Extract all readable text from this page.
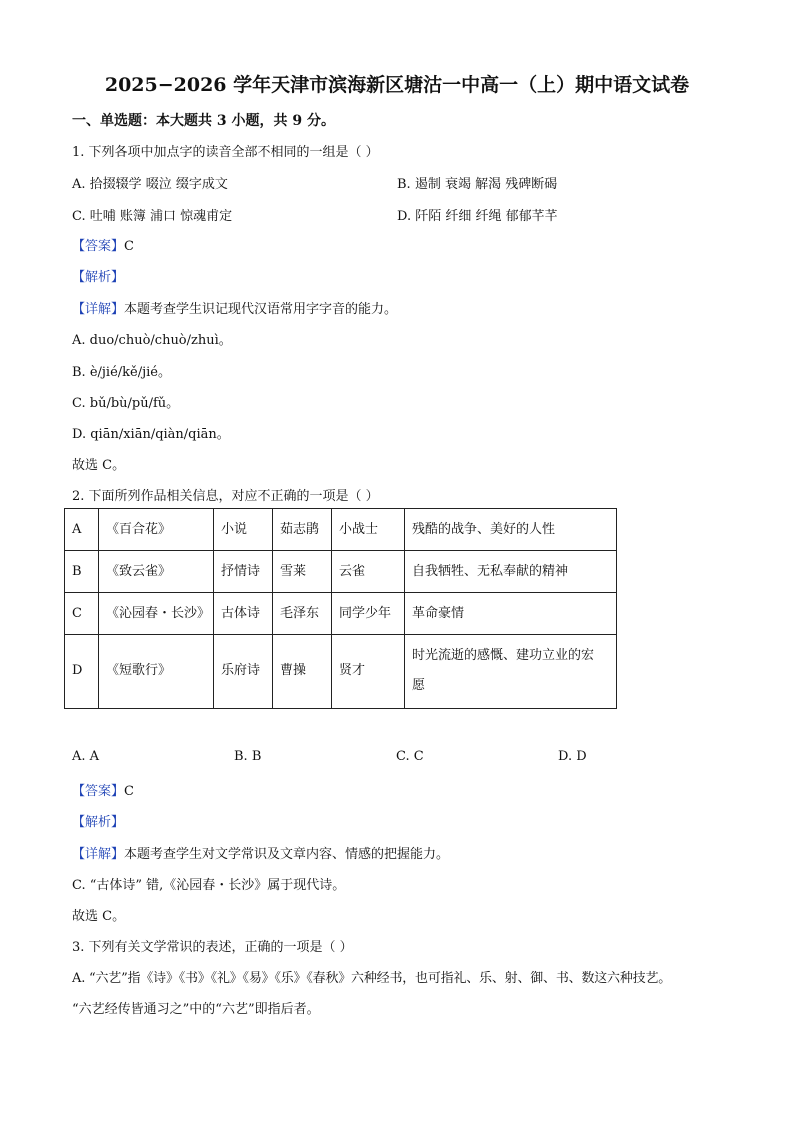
2025−2026 学年天津市滨海新区塘沽一中高一（上）期中语文试卷
一、单选题：本大题共 3 小题，共 9 分。
1. 下列各项中加点字的读音全部不相同的一组是（ ）
A. 拾掇辍学 啜泣 缀字成文	B. 遏制 衰竭 解渴 残碑断碣
C. 吐哺 账簿 浦口 惊魂甫定	D. 阡陌 纤细 纤绳 郁郁芊芊
【答案】C
【解析】
【详解】本题考查学生识记现代汉语常用字字音的能力。
A. duo/chuò/chuò/zhuì。
B. è/jié/kě/jié。
C. bǔ/bù/pǔ/fǔ。
D. qiān/xiān/qiàn/qiān。
故选 C。
2. 下面所列作品相关信息，对应不正确的一项是（ ）
A 《百合花》	小说	茹志鹃 小战士	残酷的战争、美好的人性
B 《致云雀》	抒情诗 雪莱	云雀	自我牺牲、无私奉献的精神
C 《沁园春・长沙》 古体诗 毛泽东 同学少年 革命豪情
D 《短歌行》	乐府诗 曹操	贤才
时光流逝的感慨、建功立业的宏
愿
A. A	B. B	C. C	D. D
【答案】C
【解析】
【详解】本题考查学生对文学常识及文章内容、情感的把握能力。
C. “古体诗” 错,《沁园春・长沙》属于现代诗。
故选 C。
3. 下列有关文学常识的表述，正确的一项是（ ）
A. “六艺”指《诗》《书》《礼》《易》《乐》《春秋》六种经书，也可指礼、乐、射、御、书、数这六种技艺。
“六艺经传皆通习之”中的“六艺”即指后者。
